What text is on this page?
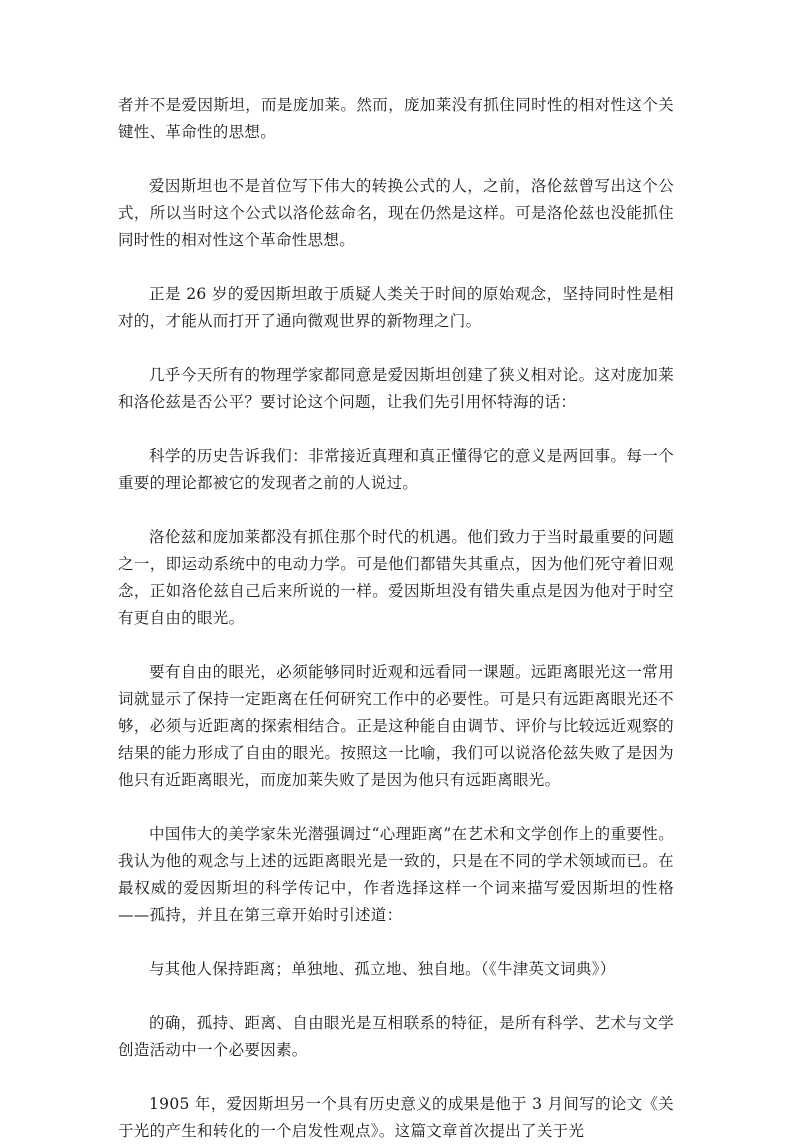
者并不是爱因斯坦，而是庞加莱。然而，庞加莱没有抓住同时性的相对性这个关键性、革命性的思想。

爱因斯坦也不是首位写下伟大的转换公式的人，之前，洛伦兹曾写出这个公式，所以当时这个公式以洛伦兹命名，现在仍然是这样。可是洛伦兹也没能抓住同时性的相对性这个革命性思想。

正是 26 岁的爱因斯坦敢于质疑人类关于时间的原始观念，坚持同时性是相对的，才能从而打开了通向微观世界的新物理之门。

几乎今天所有的物理学家都同意是爱因斯坦创建了狭义相对论。这对庞加莱和洛伦兹是否公平？要讨论这个问题，让我们先引用怀特海的话：

科学的历史告诉我们：非常接近真理和真正懂得它的意义是两回事。每一个重要的理论都被它的发现者之前的人说过。

洛伦兹和庞加莱都没有抓住那个时代的机遇。他们致力于当时最重要的问题之一，即运动系统中的电动力学。可是他们都错失其重点，因为他们死守着旧观念，正如洛伦兹自己后来所说的一样。爱因斯坦没有错失重点是因为他对于时空有更自由的眼光。

要有自由的眼光，必须能够同时近观和远看同一课题。远距离眼光这一常用词就显示了保持一定距离在任何研究工作中的必要性。可是只有远距离眼光还不够，必须与近距离的探索相结合。正是这种能自由调节、评价与比较远近观察的结果的能力形成了自由的眼光。按照这一比喻，我们可以说洛伦兹失败了是因为他只有近距离眼光，而庞加莱失败了是因为他只有远距离眼光。

中国伟大的美学家朱光潜强调过“心理距离”在艺术和文学创作上的重要性。我认为他的观念与上述的远距离眼光是一致的，只是在不同的学术领域而已。在最权威的爱因斯坦的科学传记中，作者选择这样一个词来描写爱因斯坦的性格——孤持，并且在第三章开始时引述道：

与其他人保持距离；单独地、孤立地、独自地。（《牛津英文词典》）

的确，孤持、距离、自由眼光是互相联系的特征，是所有科学、艺术与文学创造活动中一个必要因素。

1905 年，爱因斯坦另一个具有历史意义的成果是他于 3 月间写的论文《关于光的产生和转化的一个启发性观点》。这篇文章首次提出了关于光
